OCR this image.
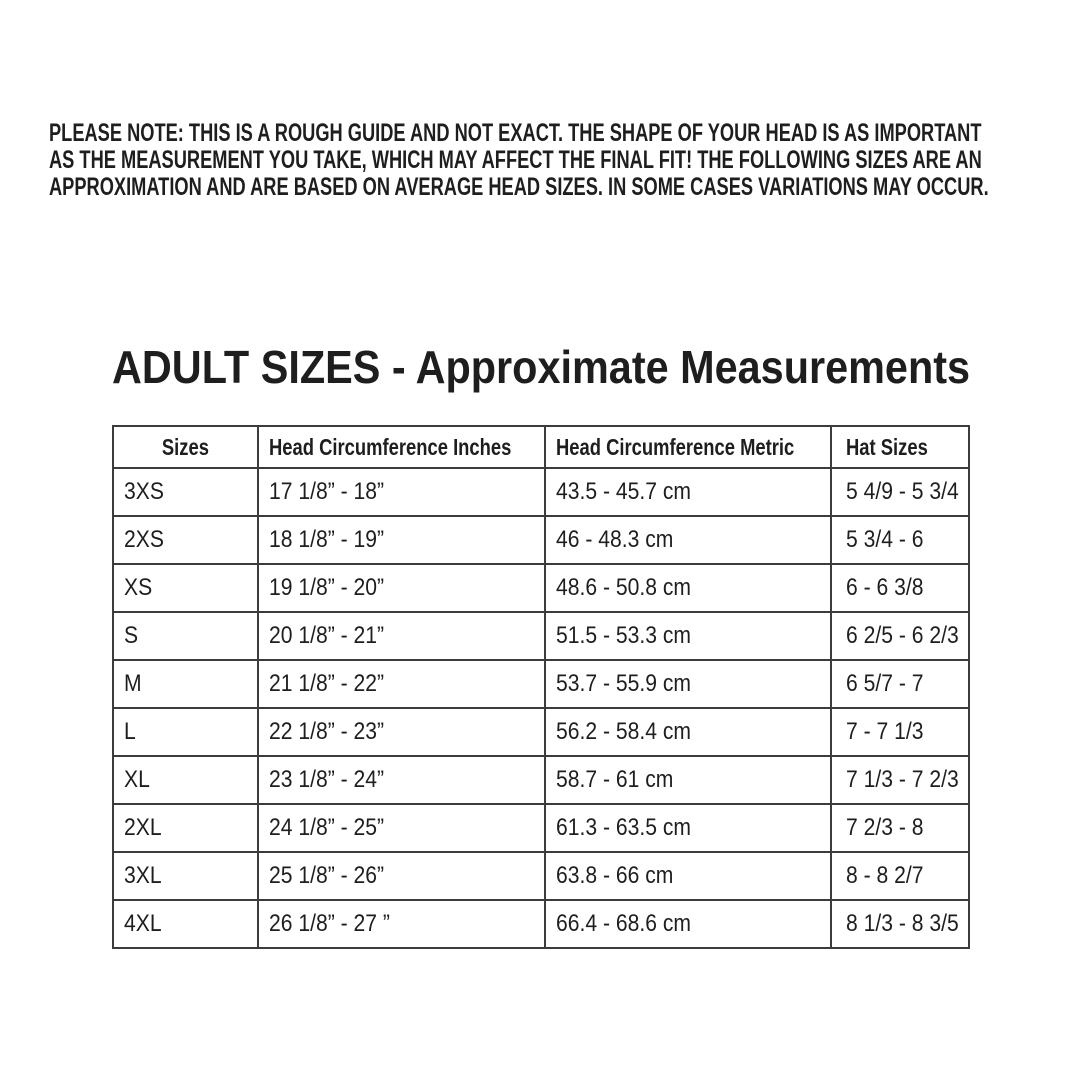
PLEASE NOTE: THIS IS A ROUGH GUIDE AND NOT EXACT. THE SHAPE OF YOUR HEAD IS AS IMPORTANT
AS THE MEASUREMENT YOU TAKE, WHICH MAY AFFECT THE FINAL FIT! THE FOLLOWING SIZES ARE AN
APPROXIMATION AND ARE BASED ON AVERAGE HEAD SIZES. IN SOME CASES VARIATIONS MAY OCCUR.
ADULT SIZES - Approximate Measurements
Sizes	Head Circumference Inches	Head Circumference Metric	Hat Sizes
3XS	17 1/8” - 18”	43.5 - 45.7 cm	5 4/9 - 5 3/4
2XS	18 1/8” - 19”	46 - 48.3 cm	5 3/4 - 6
XS	19 1/8” - 20”	48.6 - 50.8 cm	6 - 6 3/8
S	20 1/8” - 21”	51.5 - 53.3 cm	6 2/5 - 6 2/3
M	21 1/8” - 22”	53.7 - 55.9 cm	6 5/7 - 7
L	22 1/8” - 23”	56.2 - 58.4 cm	7 - 7 1/3
XL	23 1/8” - 24”	58.7 - 61 cm	7 1/3 - 7 2/3
2XL	24 1/8” - 25”	61.3 - 63.5 cm	7 2/3 - 8
3XL	25 1/8” - 26”	63.8 - 66 cm	8 - 8 2/7
4XL	26 1/8” - 27 ”	66.4 - 68.6 cm	8 1/3 - 8 3/5
